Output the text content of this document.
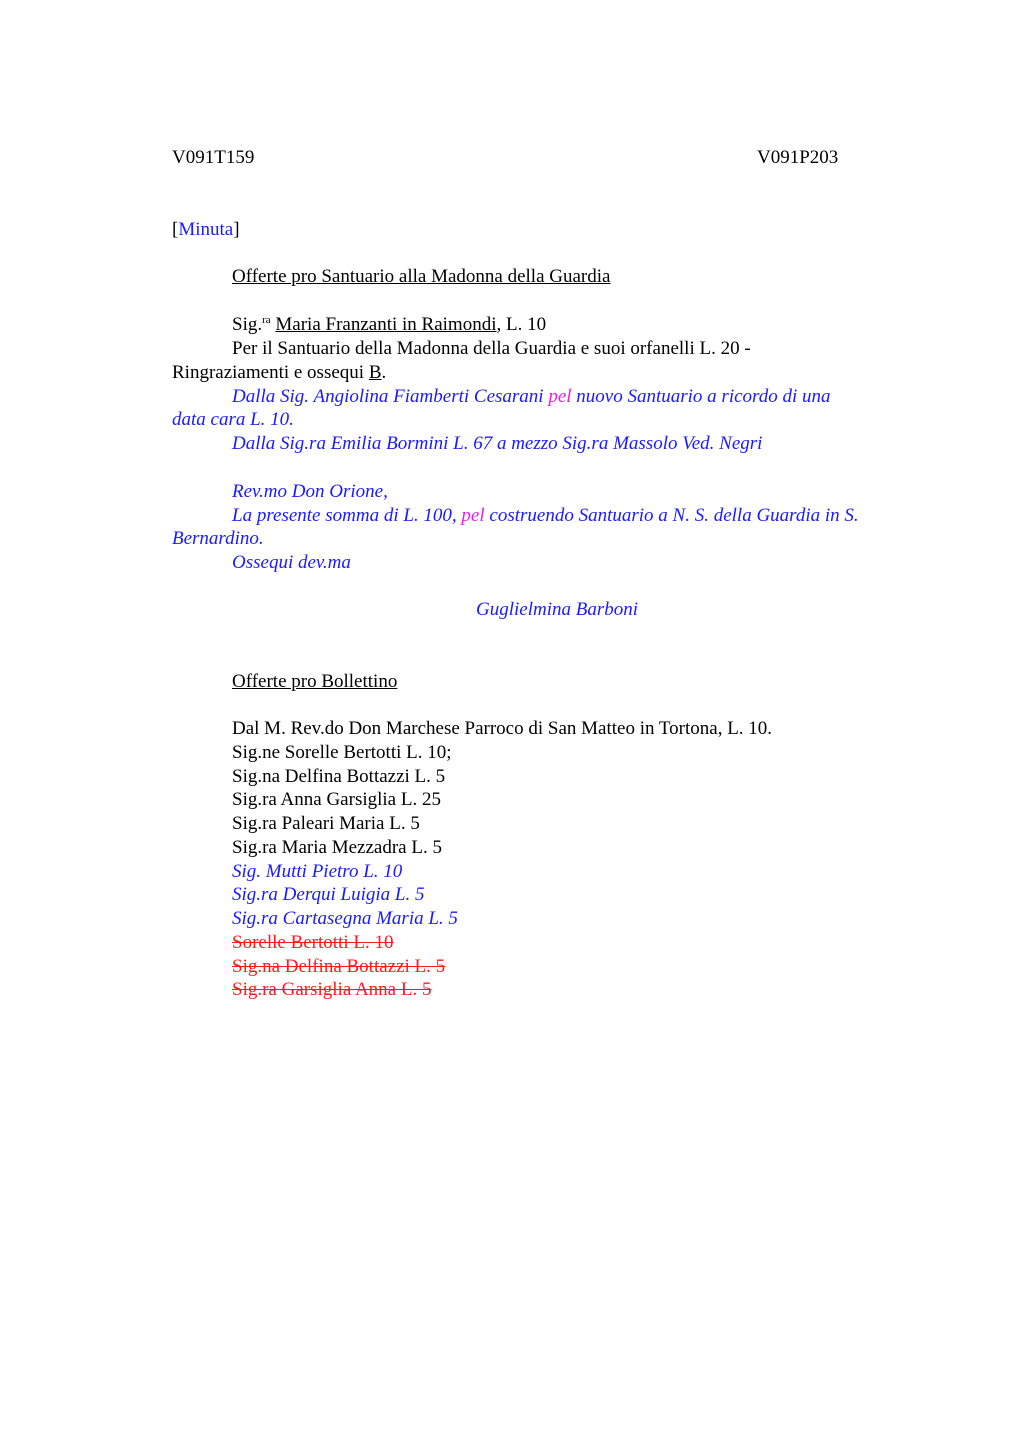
V091T159	V091P203

[Minuta]

Offerte pro Santuario alla Madonna della Guardia

Sig.$^{ra}$ Maria Franzanti in Raimondi, L. 10

Per il Santuario della Madonna della Guardia e suoi orfanelli L. 20 -

Ringraziamenti e ossequi B.

Dalla Sig. Angiolina Fiamberti Cesarani pel nuovo Santuario a ricordo di una

data cara L. 10.

Dalla Sig.ra Emilia Bormini L. 67 a mezzo Sig.ra Massolo Ved. Negri

Rev.mo Don Orione,

La presente somma di L. 100, pel costruendo Santuario a N. S. della Guardia in S.

Bernardino.

Ossequi dev.ma

Guglielmina Barboni

Offerte pro Bollettino

Dal M. Rev.do Don Marchese Parroco di San Matteo in Tortona, L. 10.

Sig.ne Sorelle Bertotti L. 10;

Sig.na Delfina Bottazzi L. 5

Sig.ra Anna Garsiglia L. 25

Sig.ra Paleari Maria L. 5

Sig.ra Maria Mezzadra L. 5

Sig. Mutti Pietro L. 10

Sig.ra Derqui Luigia L. 5

Sig.ra Cartasegna Maria L. 5

Sorelle Bertotti L. 10

Sig.na Delfina Bottazzi L. 5

Sig.ra Garsiglia Anna L. 5
